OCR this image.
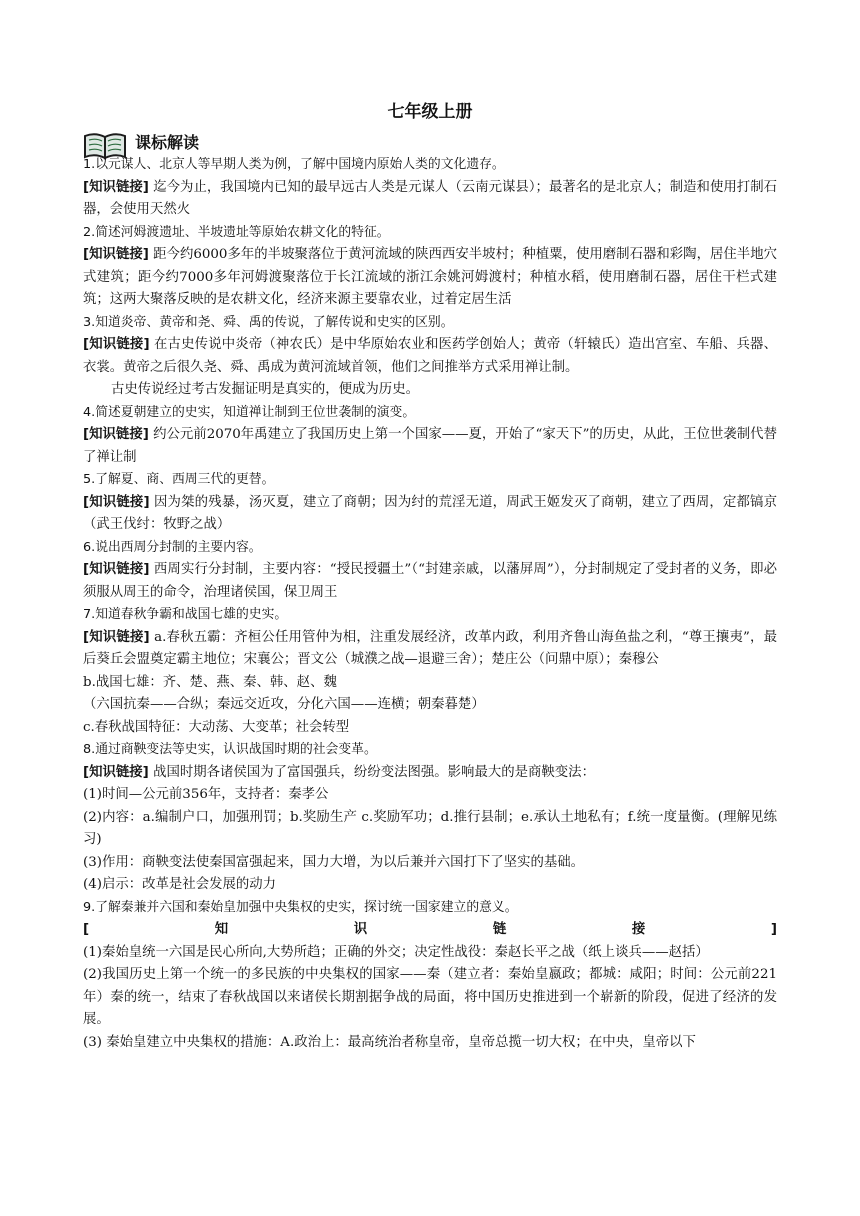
七年级上册
课标解读

1.以元谋人、北京人等早期人类为例，了解中国境内原始人类的文化遗存。

[知识链接] 迄今为止，我国境内已知的最早远古人类是元谋人（云南元谋县）；最著名的是北京人；制造和使用打制石器，会使用天然火

2.简述河姆渡遗址、半坡遗址等原始农耕文化的特征。

[知识链接] 距今约6000多年的半坡聚落位于黄河流域的陕西西安半坡村；种植粟，使用磨制石器和彩陶，居住半地穴式建筑；距今约7000多年河姆渡聚落位于长江流域的浙江余姚河姆渡村；种植水稻，使用磨制石器，居住干栏式建筑；这两大聚落反映的是农耕文化，经济来源主要靠农业，过着定居生活

3.知道炎帝、黄帝和尧、舜、禹的传说，了解传说和史实的区别。

[知识链接] 在古史传说中炎帝（神农氏）是中华原始农业和医药学创始人；黄帝（轩辕氏）造出宫室、车船、兵器、衣裳。黄帝之后很久尧、舜、禹成为黄河流域首领，他们之间推举方式采用禅让制。

古史传说经过考古发掘证明是真实的，便成为历史。

4.简述夏朝建立的史实，知道禅让制到王位世袭制的演变。

[知识链接] 约公元前2070年禹建立了我国历史上第一个国家——夏，开始了“家天下”的历史，从此，王位世袭制代替了禅让制

5.了解夏、商、西周三代的更替。

[知识链接] 因为桀的残暴，汤灭夏，建立了商朝；因为纣的荒淫无道，周武王姬发灭了商朝，建立了西周，定都镐京（武王伐纣：牧野之战）

6.说出西周分封制的主要内容。

[知识链接] 西周实行分封制，主要内容：“授民授疆土”（“封建亲戚，以藩屏周”），分封制规定了受封者的义务，即必须服从周王的命令，治理诸侯国，保卫周王

7.知道春秋争霸和战国七雄的史实。

[知识链接] a.春秋五霸：齐桓公任用管仲为相，注重发展经济，改革内政，利用齐鲁山海鱼盐之利，“尊王攘夷”，最后葵丘会盟奠定霸主地位；宋襄公；晋文公（城濮之战—退避三舍）；楚庄公（问鼎中原）；秦穆公

b.战国七雄：齐、楚、燕、秦、韩、赵、魏

（六国抗秦——合纵；秦远交近攻，分化六国——连横；朝秦暮楚）

c.春秋战国特征：大动荡、大变革；社会转型

8.通过商鞅变法等史实，认识战国时期的社会变革。

[知识链接] 战国时期各诸侯国为了富国强兵，纷纷变法图强。影响最大的是商鞅变法：

(1)时间—公元前356年，支持者：秦孝公

(2)内容：a.编制户口，加强刑罚；b.奖励生产 c.奖励军功；d.推行县制；e.承认土地私有；f.统一度量衡。(理解见练习)

(3)作用：商鞅变法使秦国富强起来，国力大增，为以后兼并六国打下了坚实的基础。

(4)启示：改革是社会发展的动力

9.了解秦兼并六国和秦始皇加强中央集权的史实，探讨统一国家建立的意义。

[知识链接] (1)秦始皇统一六国是民心所向,大势所趋；正确的外交；决定性战役：秦赵长平之战（纸上谈兵——赵括）

(2)我国历史上第一个统一的多民族的中央集权的国家——秦（建立者：秦始皇嬴政；都城：咸阳；时间：公元前221年）秦的统一，结束了春秋战国以来诸侯长期割据争战的局面，将中国历史推进到一个崭新的阶段，促进了经济的发展。

(3) 秦始皇建立中央集权的措施：A.政治上：最高统治者称皇帝，皇帝总揽一切大权；在中央，皇帝以下
